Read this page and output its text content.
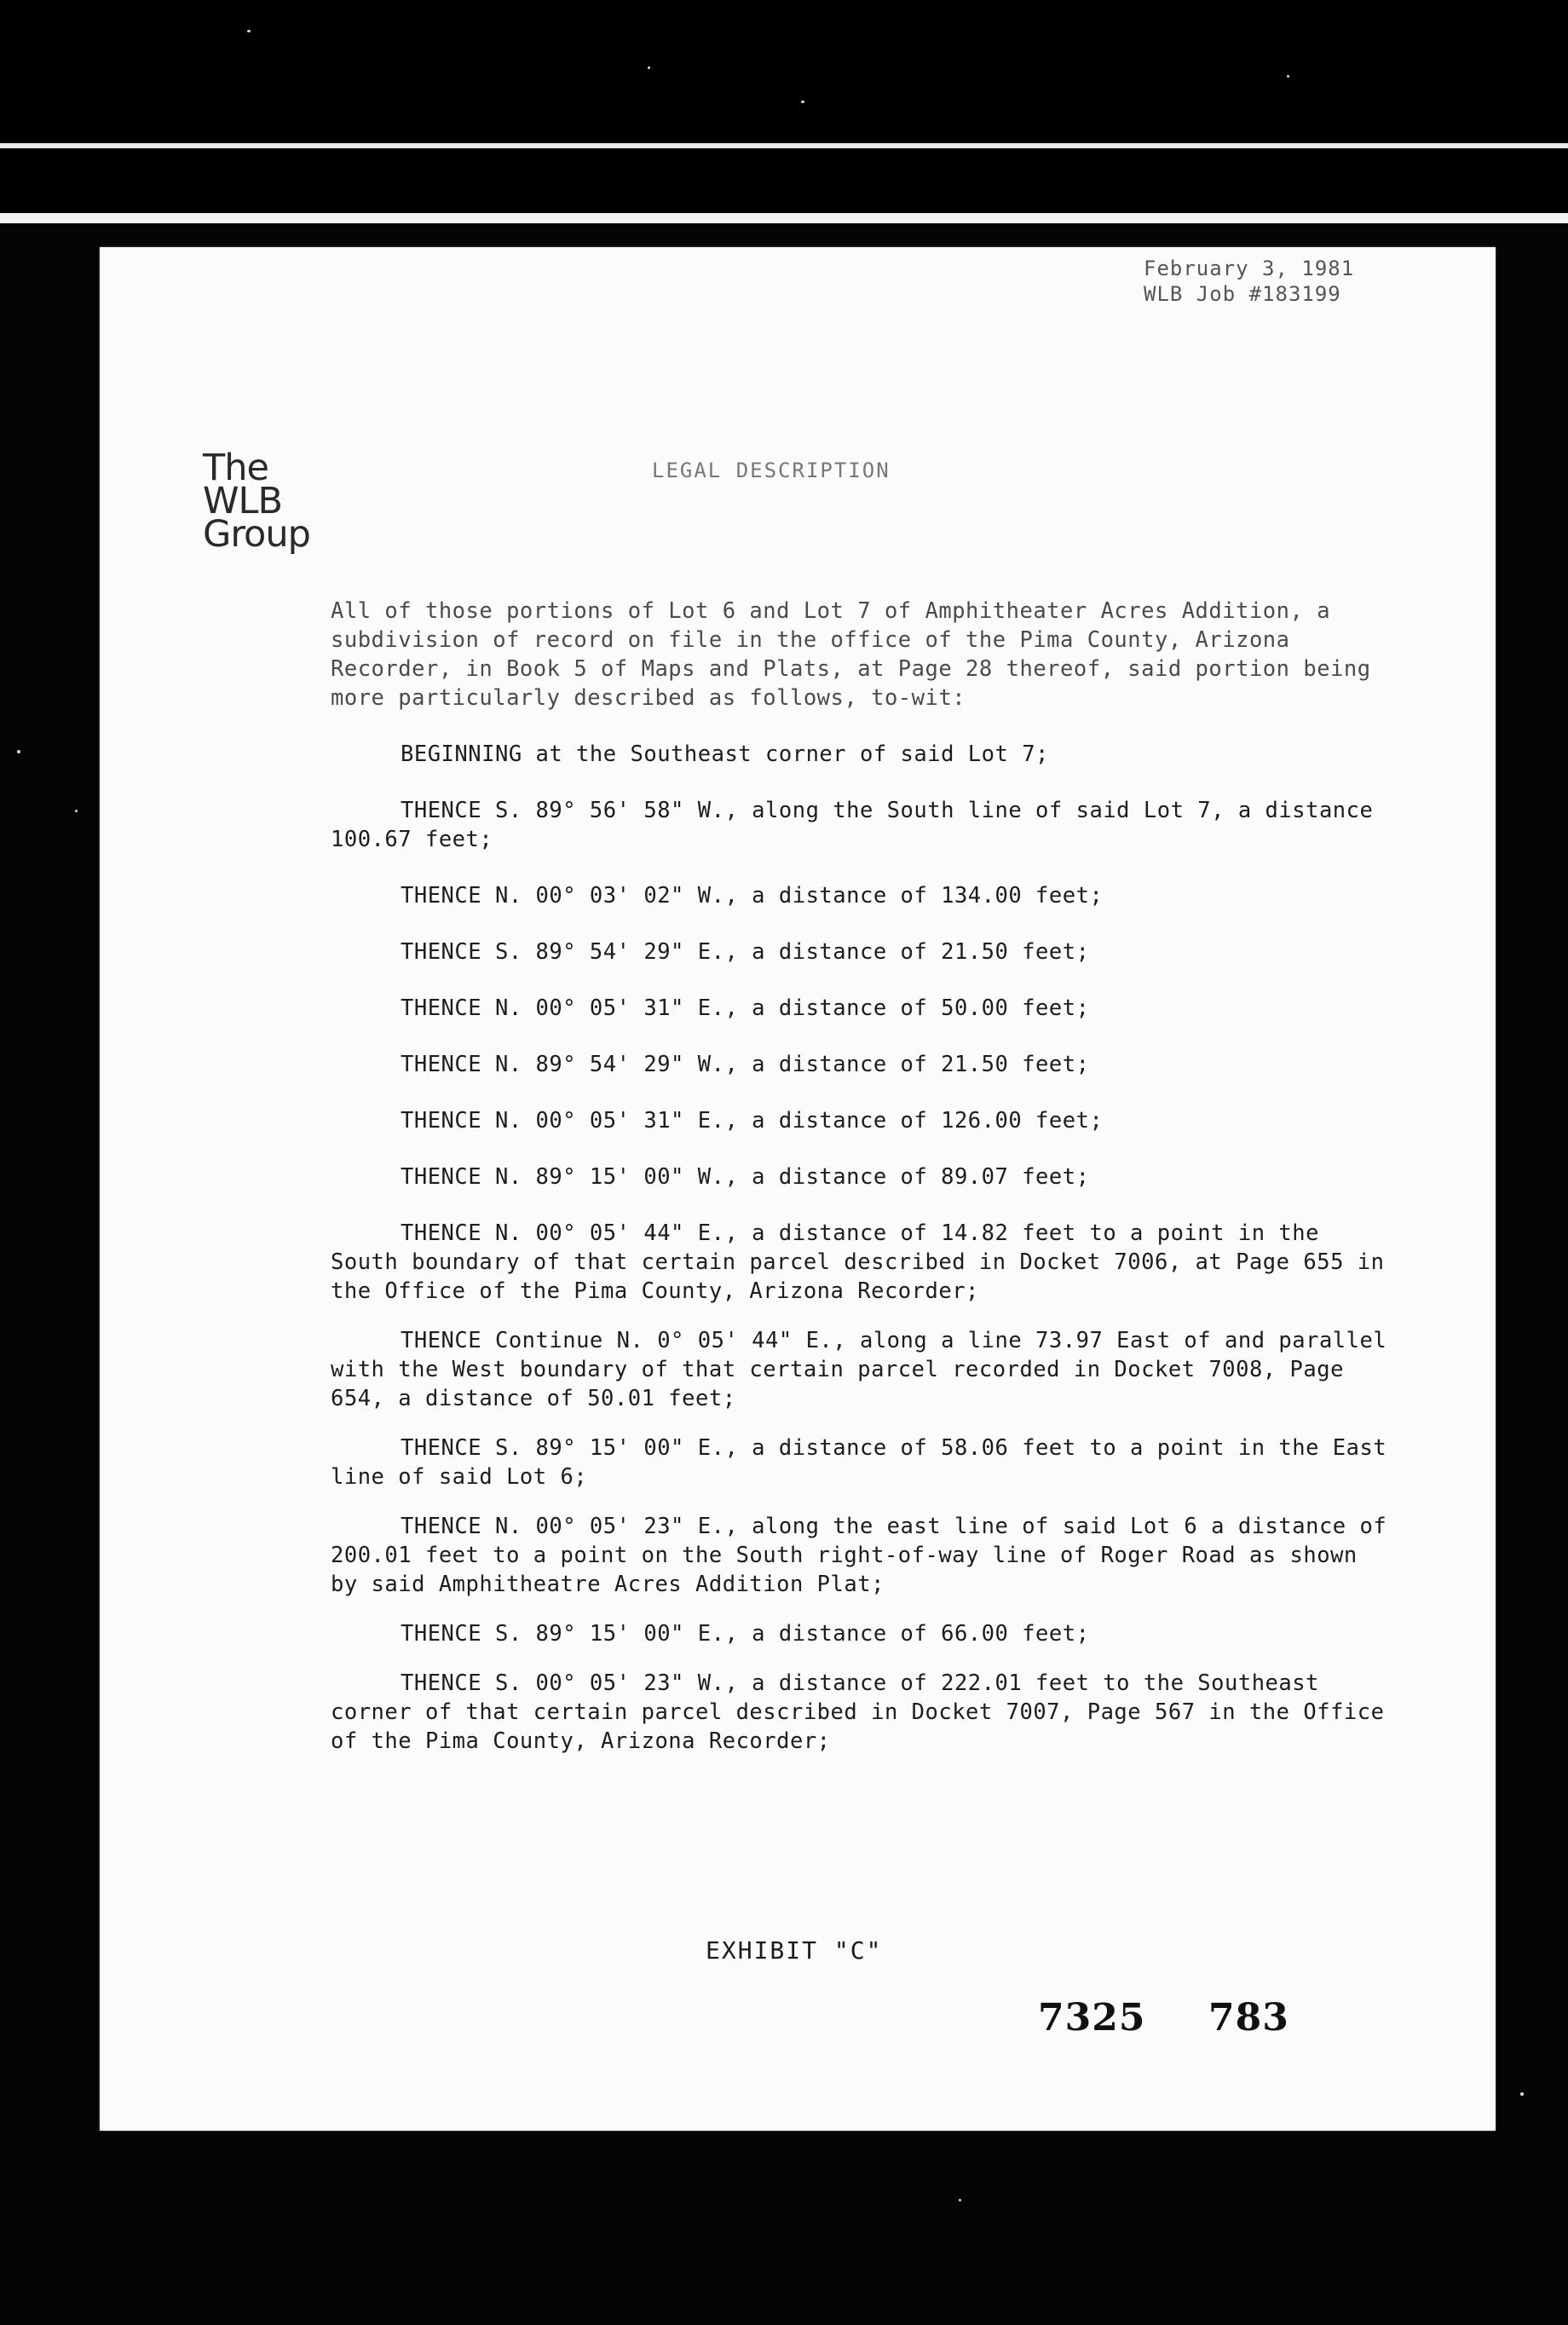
February 3, 1981
WLB Job #183199
The
WLB
Group
LEGAL DESCRIPTION

All of those portions of Lot 6 and Lot 7 of Amphitheater Acres Addition, a subdivision of record on file in the office of the Pima County, Arizona Recorder, in Book 5 of Maps and Plats, at Page 28 thereof, said portion being more particularly described as follows, to-wit:

BEGINNING at the Southeast corner of said Lot 7;

THENCE S. 89° 56' 58" W., along the South line of said Lot 7, a distance 100.67 feet;

THENCE N. 00° 03' 02" W., a distance of 134.00 feet;

THENCE S. 89° 54' 29" E., a distance of 21.50 feet;

THENCE N. 00° 05' 31" E., a distance of 50.00 feet;

THENCE N. 89° 54' 29" W., a distance of 21.50 feet;

THENCE N. 00° 05' 31" E., a distance of 126.00 feet;

THENCE N. 89° 15' 00" W., a distance of 89.07 feet;

THENCE N. 00° 05' 44" E., a distance of 14.82 feet to a point in the South boundary of that certain parcel described in Docket 7006, at Page 655 in the Office of the Pima County, Arizona Recorder;

THENCE Continue N. 0° 05' 44" E., along a line 73.97 East of and parallel with the West boundary of that certain parcel recorded in Docket 7008, Page 654, a distance of 50.01 feet;

THENCE S. 89° 15' 00" E., a distance of 58.06 feet to a point in the East line of said Lot 6;

THENCE N. 00° 05' 23" E., along the east line of said Lot 6 a distance of 200.01 feet to a point on the South right-of-way line of Roger Road as shown by said Amphitheatre Acres Addition Plat;

THENCE S. 89° 15' 00" E., a distance of 66.00 feet;

THENCE S. 00° 05' 23" W., a distance of 222.01 feet to the Southeast corner of that certain parcel described in Docket 7007, Page 567 in the Office of the Pima County, Arizona Recorder;

EXHIBIT "C"
7325 783
